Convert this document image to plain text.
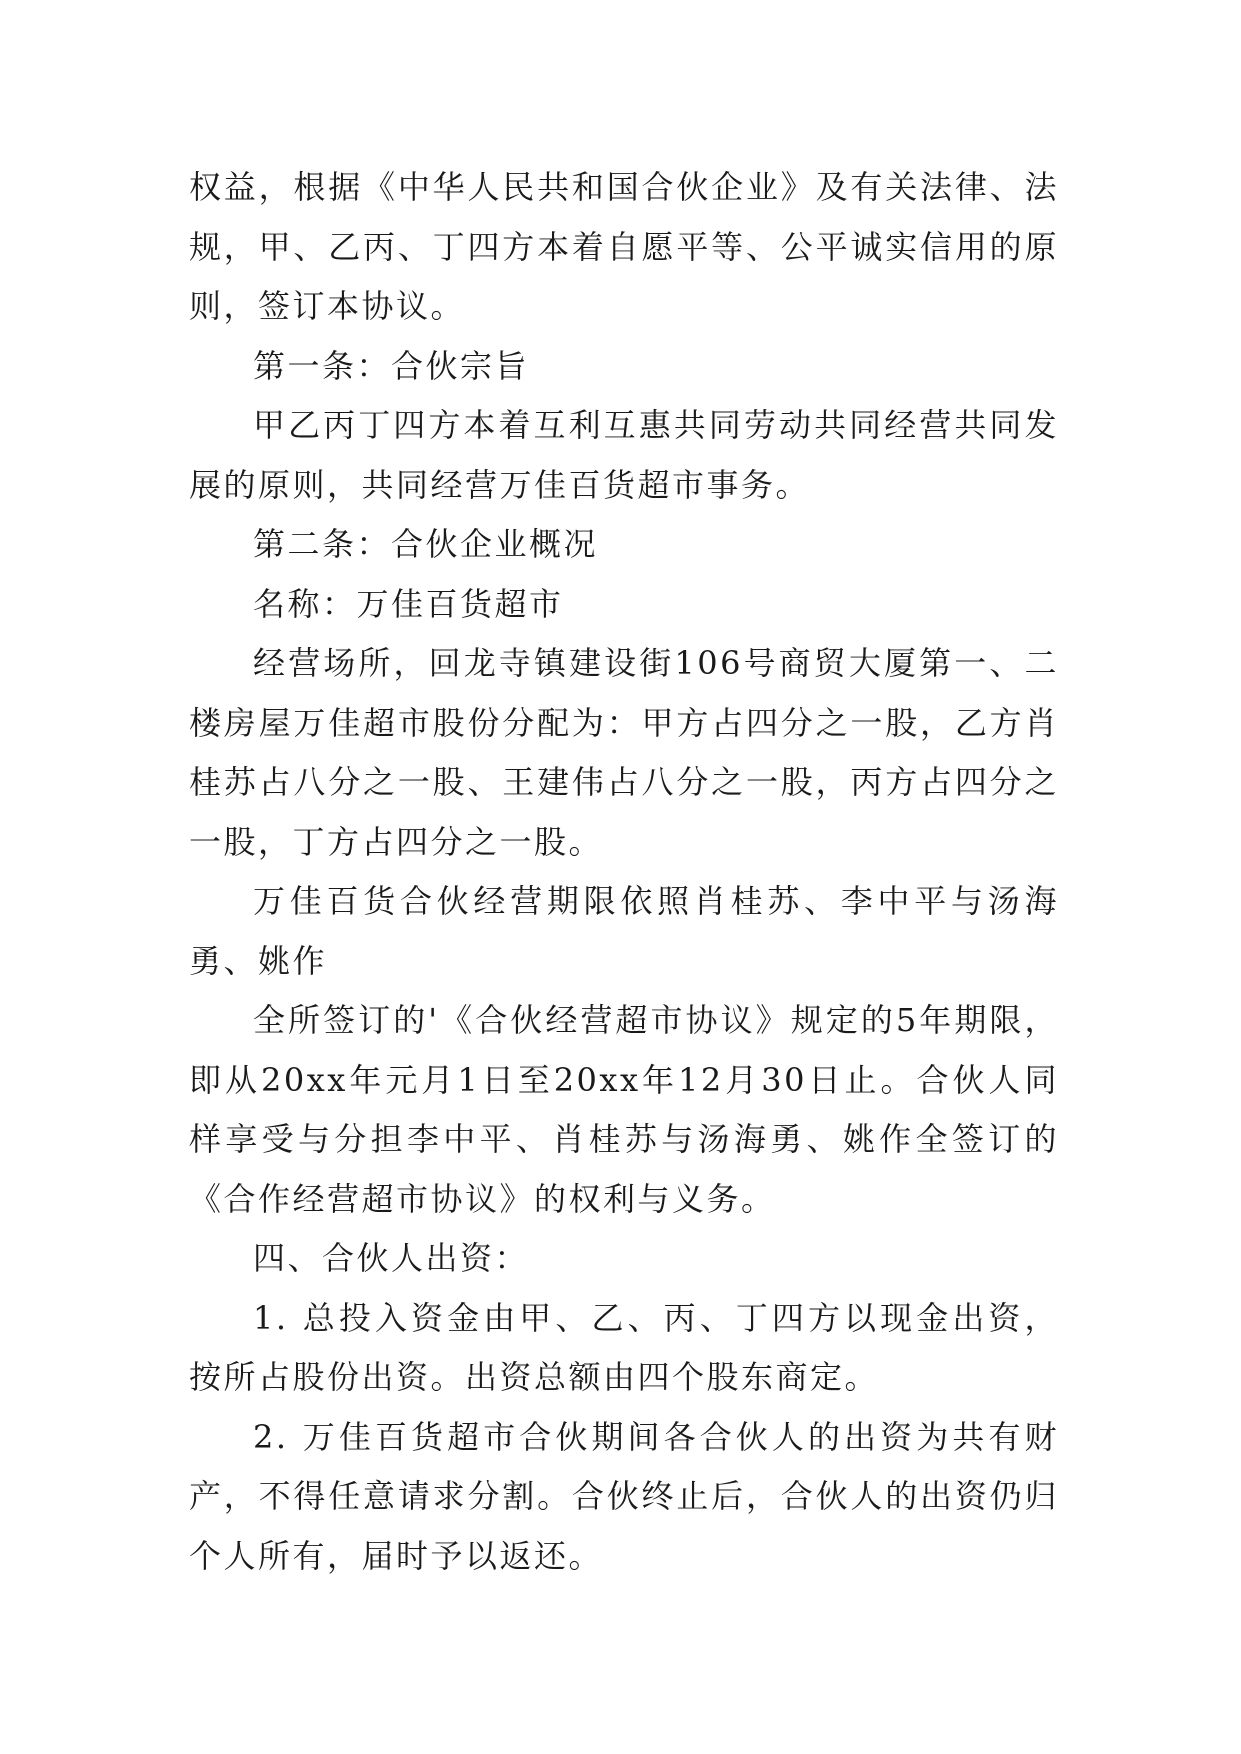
权益，根据《中华人民共和国合伙企业》及有关法律、法规，甲、乙丙、丁四方本着自愿平等、公平诚实信用的原则，签订本协议。

第一条：合伙宗旨

甲乙丙丁四方本着互利互惠共同劳动共同经营共同发展的原则，共同经营万佳百货超市事务。

第二条：合伙企业概况

名称：万佳百货超市

经营场所，回龙寺镇建设街106号商贸大厦第一、二楼房屋万佳超市股份分配为：甲方占四分之一股，乙方肖桂苏占八分之一股、王建伟占八分之一股，丙方占四分之一股，丁方占四分之一股。

万佳百货合伙经营期限依照肖桂苏、李中平与汤海勇、姚作

全所签订的'《合伙经营超市协议》规定的5年期限，即从20xx年元月1日至20xx年12月30日止。合伙人同样享受与分担李中平、肖桂苏与汤海勇、姚作全签订的《合作经营超市协议》的权利与义务。

四、合伙人出资：

1. 总投入资金由甲、乙、丙、丁四方以现金出资，按所占股份出资。出资总额由四个股东商定。

2. 万佳百货超市合伙期间各合伙人的出资为共有财产，不得任意请求分割。合伙终止后，合伙人的出资仍归个人所有，届时予以返还。
